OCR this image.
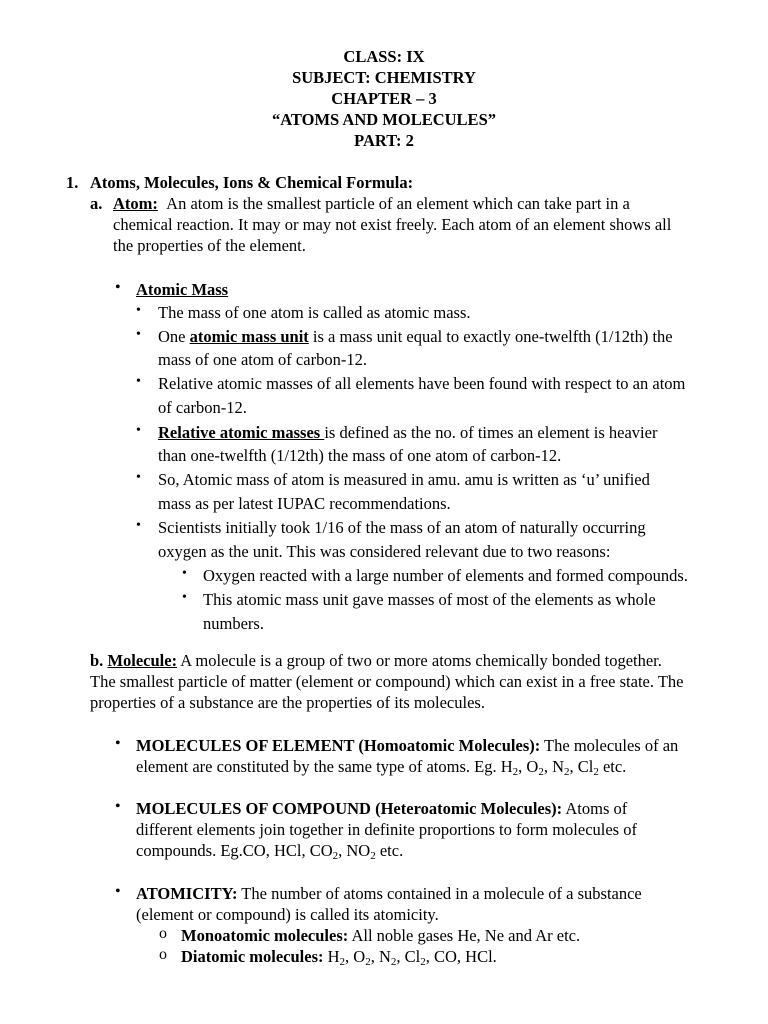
CLASS: IX
SUBJECT: CHEMISTRY
CHAPTER – 3
“ATOMS AND MOLECULES”
PART: 2
1. Atoms, Molecules, Ions & Chemical Formula:
a. Atom: An atom is the smallest particle of an element which can take part in a
chemical reaction. It may or may not exist freely. Each atom of an element shows all
the properties of the element.
• Atomic Mass
• The mass of one atom is called as atomic mass.
• One atomic mass unit is a mass unit equal to exactly one-twelfth (1/12th) the
mass of one atom of carbon-12.
• Relative atomic masses of all elements have been found with respect to an atom
of carbon-12.
• Relative atomic masses is defined as the no. of times an element is heavier
than one-twelfth (1/12th) the mass of one atom of carbon-12.
• So, Atomic mass of atom is measured in amu. amu is written as ‘u’ unified
mass as per latest IUPAC recommendations.
• Scientists initially took 1/16 of the mass of an atom of naturally occurring
oxygen as the unit. This was considered relevant due to two reasons:
• Oxygen reacted with a large number of elements and formed compounds.
• This atomic mass unit gave masses of most of the elements as whole
numbers.
b. Molecule: A molecule is a group of two or more atoms chemically bonded together.
The smallest particle of matter (element or compound) which can exist in a free state. The
properties of a substance are the properties of its molecules.
• MOLECULES OF ELEMENT (Homoatomic Molecules): The molecules of an
element are constituted by the same type of atoms. Eg. $H_2$, $O_2$, $N_2$, $Cl_2$ etc.
• MOLECULES OF COMPOUND (Heteroatomic Molecules): Atoms of
different elements join together in definite proportions to form molecules of
compounds. Eg.CO, HCl, $CO_2$, $NO_2$ etc.
• ATOMICITY: The number of atoms contained in a molecule of a substance
(element or compound) is called its atomicity.
o Monoatomic molecules: All noble gases He, Ne and Ar etc.
o Diatomic molecules: $H_2$, $O_2$, $N_2$, $Cl_2$, CO, HCl.
